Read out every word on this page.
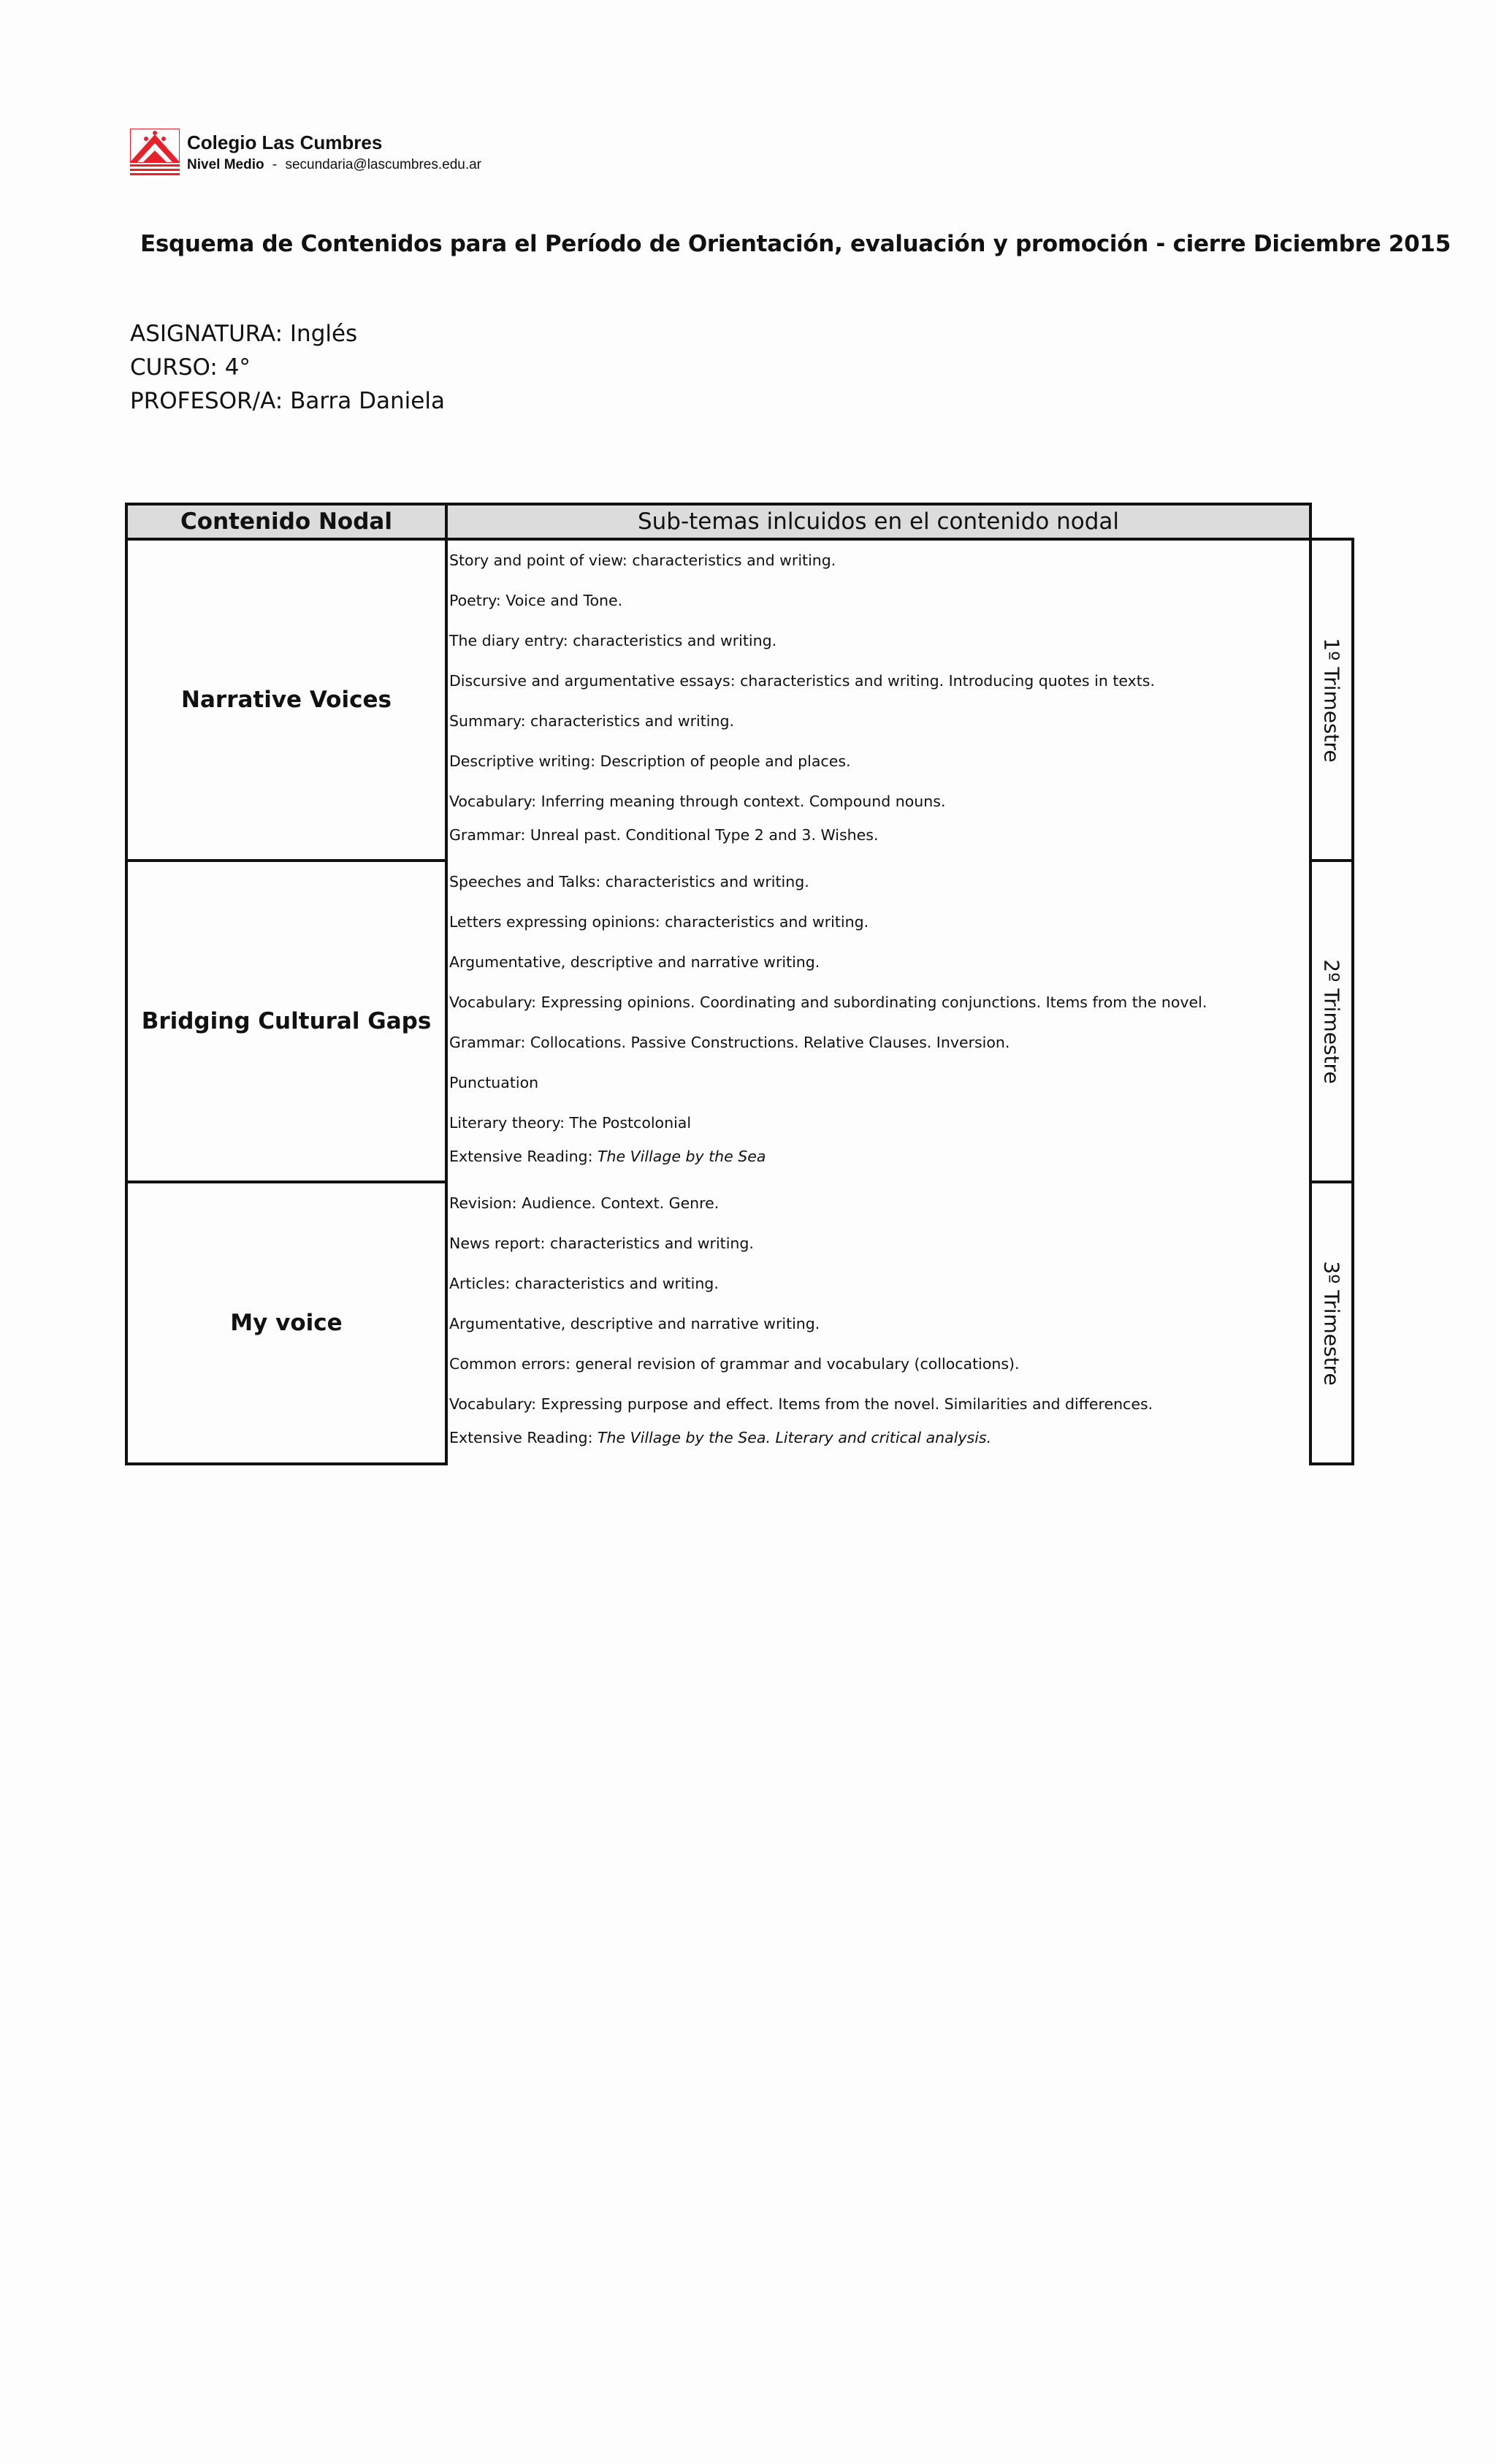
Colegio Las Cumbres
Nivel Medio - secundaria@lascumbres.edu.ar
Esquema de Contenidos para el Período de Orientación, evaluación y promoción - cierre Diciembre 2015
ASIGNATURA: Inglés
CURSO: 4°
PROFESOR/A: Barra Daniela
Contenido Nodal	Sub-temas inlcuidos en el contenido nodal
Narrative Voices
Story and point of view: characteristics and writing.
Poetry: Voice and Tone.
The diary entry: characteristics and writing.
Discursive and argumentative essays: characteristics and writing. Introducing quotes in texts.
Summary: characteristics and writing.
Descriptive writing: Description of people and places.
Vocabulary: Inferring meaning through context. Compound nouns.
Grammar: Unreal past. Conditional Type 2 and 3. Wishes.
1º Trimestre
Bridging Cultural Gaps
Speeches and Talks: characteristics and writing.
Letters expressing opinions: characteristics and writing.
Argumentative, descriptive and narrative writing.
Vocabulary: Expressing opinions. Coordinating and subordinating conjunctions. Items from the novel.
Grammar: Collocations. Passive Constructions. Relative Clauses. Inversion.
Punctuation
Literary theory: The Postcolonial
Extensive Reading: The Village by the Sea
2º Trimestre
My voice
Revision: Audience. Context. Genre.
News report: characteristics and writing.
Articles: characteristics and writing.
Argumentative, descriptive and narrative writing.
Common errors: general revision of grammar and vocabulary (collocations).
Vocabulary: Expressing purpose and effect. Items from the novel. Similarities and differences.
Extensive Reading: The Village by the Sea. Literary and critical analysis.
3º Trimestre
